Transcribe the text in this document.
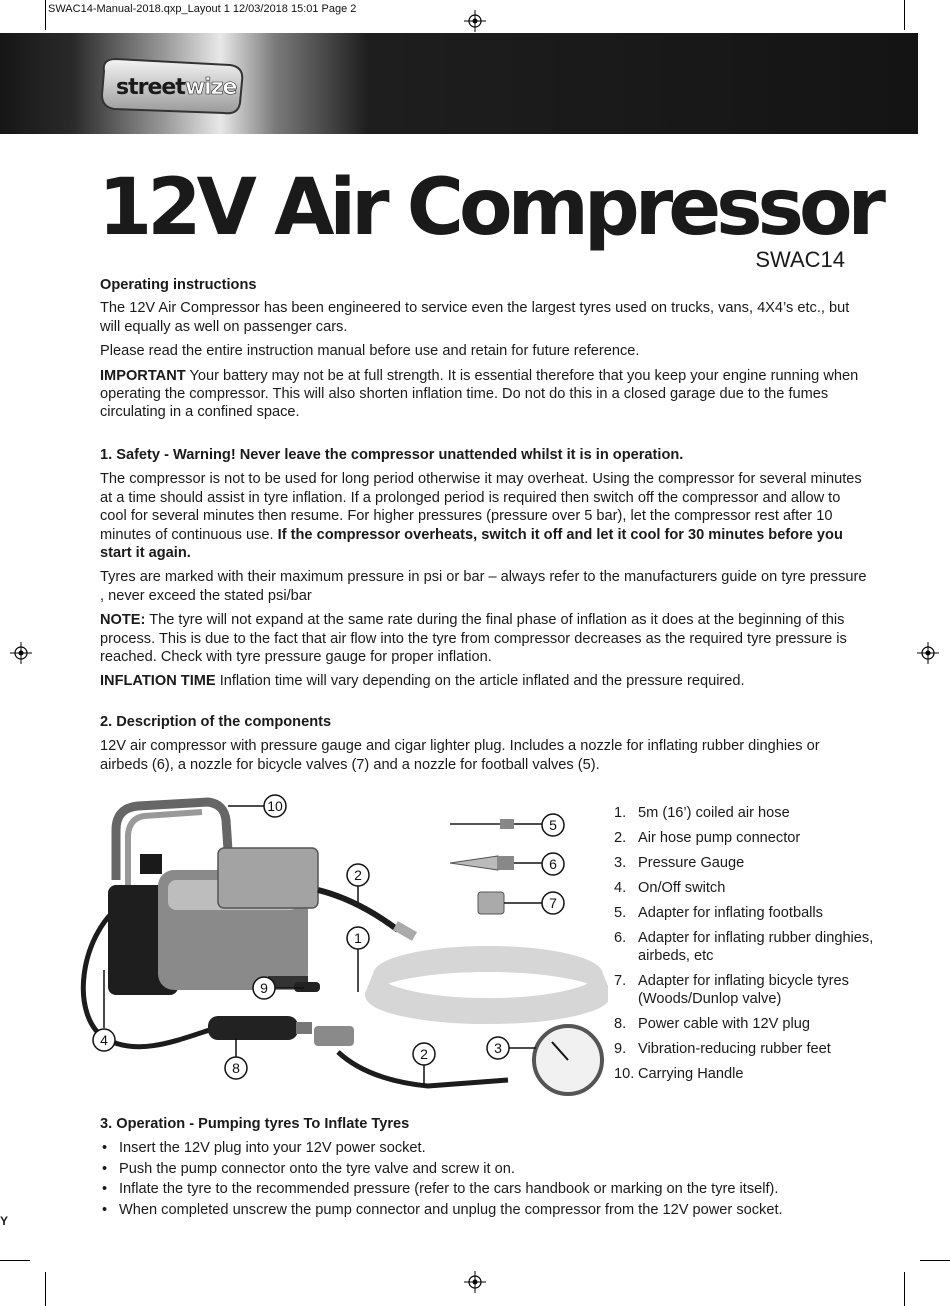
SWAC14-Manual-2018.qxp_Layout 1 12/03/2018 15:01 Page 2
streetwize
12V Air Compressor
SWAC14
Operating instructions

The 12V Air Compressor has been engineered to service even the largest tyres used on trucks, vans, 4X4’s etc., but will equally as well on passenger cars.

Please read the entire instruction manual before use and retain for future reference.

IMPORTANT Your battery may not be at full strength. It is essential therefore that you keep your engine running when operating the compressor. This will also shorten inflation time. Do not do this in a closed garage due to the fumes circulating in a confined space.

1. Safety - Warning! Never leave the compressor unattended whilst it is in operation.

The compressor is not to be used for long period otherwise it may overheat. Using the compressor for several minutes at a time should assist in tyre inflation. If a prolonged period is required then switch off the compressor and allow to cool for several minutes then resume. For higher pressures (pressure over 5 bar), let the compressor rest after 10 minutes of continuous use. If the compressor overheats, switch it off and let it cool for 30 minutes before you start it again.

Tyres are marked with their maximum pressure in psi or bar – always refer to the manufacturers guide on tyre pressure , never exceed the stated psi/bar

NOTE: The tyre will not expand at the same rate during the final phase of inflation as it does at the beginning of this process. This is due to the fact that air flow into the tyre from compressor decreases as the required tyre pressure is reached. Check with tyre pressure gauge for proper inflation.

INFLATION TIME Inflation time will vary depending on the article inflated and the pressure required.

2. Description of the components

12V air compressor with pressure gauge and cigar lighter plug. Includes a nozzle for inflating rubber dinghies or airbeds (6), a nozzle for bicycle valves (7) and a nozzle for football valves (5).

10
5
6
7
2
1
9
4
8
2	3
1. 5m (16’) coiled air hose
2. Air hose pump connector
3. Pressure Gauge
4. On/Off switch
5. Adapter for inflating footballs
6. Adapter for inflating rubber dinghies, airbeds, etc
7. Adapter for inflating bicycle tyres (Woods/Dunlop valve)
8. Power cable with 12V plug
9. Vibration-reducing rubber feet
10. Carrying Handle
3. Operation - Pumping tyres To Inflate Tyres
• Insert the 12V plug into your 12V power socket.
• Push the pump connector onto the tyre valve and screw it on.
• Inflate the tyre to the recommended pressure (refer to the cars handbook or marking on the tyre itself).
• When completed unscrew the pump connector and unplug the compressor from the 12V power socket.
Y
